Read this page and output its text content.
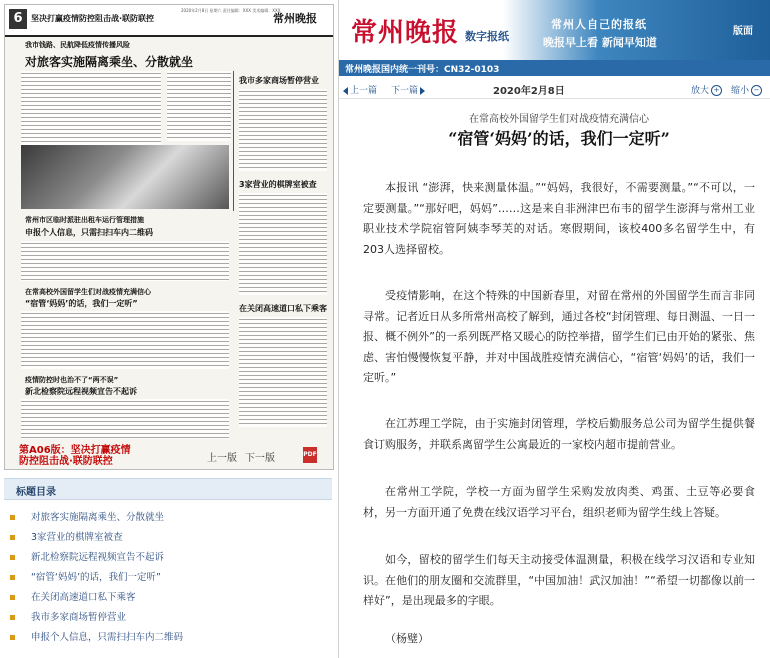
6	坚决打赢疫情防控阻击战·联防联控
2020年2月8日 星期六 责任编辑：XXX 美术编辑：XXX
常州晚报
我市钱路、民航降低疫情传播风险
对旅客实施隔离乘坐、分散就坐
我市多家商场暂停营业
3家营业的棋牌室被查
常州市区临时派驻出租车运行管理措施
申报个人信息，只需扫扫车内二维码
在常高校外国留学生们对战疫情充满信心
“宿管‘妈妈’的话，我们一定听”
在关闭高速道口私下乘客
疫情防控时也治不了“两不误”
新北检察院远程视频宣告不起诉
第A06版：坚决打赢疫情防控阻击战·联防联控	上一版 下一版	PDF
标题目录
对旅客实施隔离乘坐、分散就坐
3家营业的棋牌室被查
新北检察院远程视频宣告不起诉
“宿管‘妈妈’的话，我们一定听”
在关闭高速道口私下乘客
我市多家商场暂停营业
申报个人信息，只需扫扫车内二维码
常州晚报 数字报纸
常州人自己的报纸
晚报早上看 新闻早知道
版面
常州晚报国内统一刊号：CN32-0103
上一篇 下一篇	2020年2月8日	放大 + 缩小 −
在常高校外国留学生们对战疫情充满信心
“宿管‘妈妈’的话，我们一定听”
本报讯 “澎湃，快来测量体温。”“妈妈，我很好，不需要测量。”“不可以，一定要测量。”“那好吧，妈妈”……这是来自非洲津巴布韦的留学生澎湃与常州工业职业技术学院宿管阿姨李琴芙的对话。寒假期间，该校400多名留学生中，有203人选择留校。
受疫情影响，在这个特殊的中国新春里，对留在常州的外国留学生而言非同寻常。记者近日从多所常州高校了解到，通过各校“封闭管理、每日测温、一日一报、概不例外”的一系列既严格又暖心的防控举措，留学生们已由开始的紧张、焦虑、害怕慢慢恢复平静，并对中国战胜疫情充满信心，“宿管‘妈妈’的话，我们一定听。”
在江苏理工学院，由于实施封闭管理，学校后勤服务总公司为留学生提供餐食订购服务，并联系离留学生公寓最近的一家校内超市提前营业。
在常州工学院，学校一方面为留学生采购发放肉类、鸡蛋、土豆等必要食材，另一方面开通了免费在线汉语学习平台，组织老师为留学生线上答疑。
如今，留校的留学生们每天主动接受体温测量，积极在线学习汉语和专业知识。在他们的朋友圈和交流群里，“中国加油！武汉加油！”“希望一切都像以前一样好”，是出现最多的字眼。
（杨璧）
